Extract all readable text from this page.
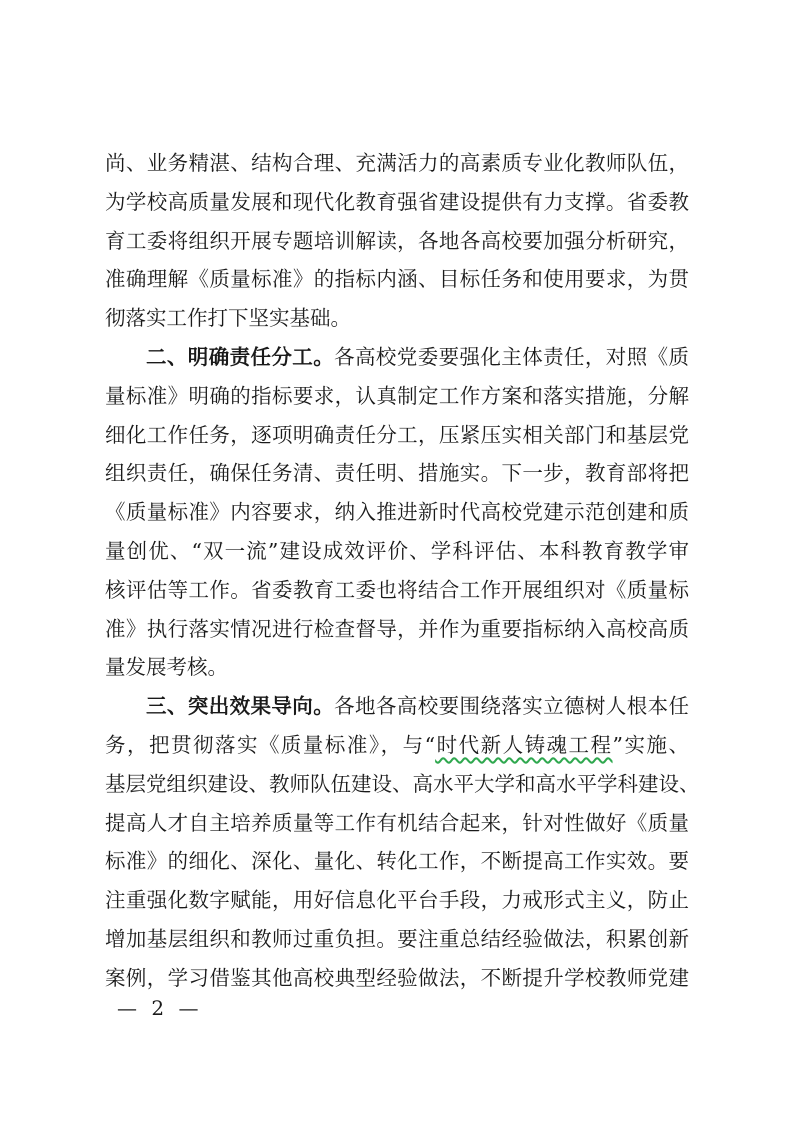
尚、业务精湛、结构合理、充满活力的高素质专业化教师队伍，
为学校高质量发展和现代化教育强省建设提供有力支撑。省委教
育工委将组织开展专题培训解读，各地各高校要加强分析研究，
准确理解《质量标准》的指标内涵、目标任务和使用要求，为贯
彻落实工作打下坚实基础。
二、明确责任分工。各高校党委要强化主体责任，对照《质
量标准》明确的指标要求，认真制定工作方案和落实措施，分解
细化工作任务，逐项明确责任分工，压紧压实相关部门和基层党
组织责任，确保任务清、责任明、措施实。下一步，教育部将把
《质量标准》内容要求，纳入推进新时代高校党建示范创建和质
量创优、“双一流”建设成效评价、学科评估、本科教育教学审
核评估等工作。省委教育工委也将结合工作开展组织对《质量标
准》执行落实情况进行检查督导，并作为重要指标纳入高校高质
量发展考核。
三、突出效果导向。各地各高校要围绕落实立德树人根本任
务，把贯彻落实《质量标准》，与“时代新人铸魂工程”实施、
基层党组织建设、教师队伍建设、高水平大学和高水平学科建设、
提高人才自主培养质量等工作有机结合起来，针对性做好《质量
标准》的细化、深化、量化、转化工作，不断提高工作实效。要
注重强化数字赋能，用好信息化平台手段，力戒形式主义，防止
增加基层组织和教师过重负担。要注重总结经验做法，积累创新
案例，学习借鉴其他高校典型经验做法，不断提升学校教师党建
— 2 —
